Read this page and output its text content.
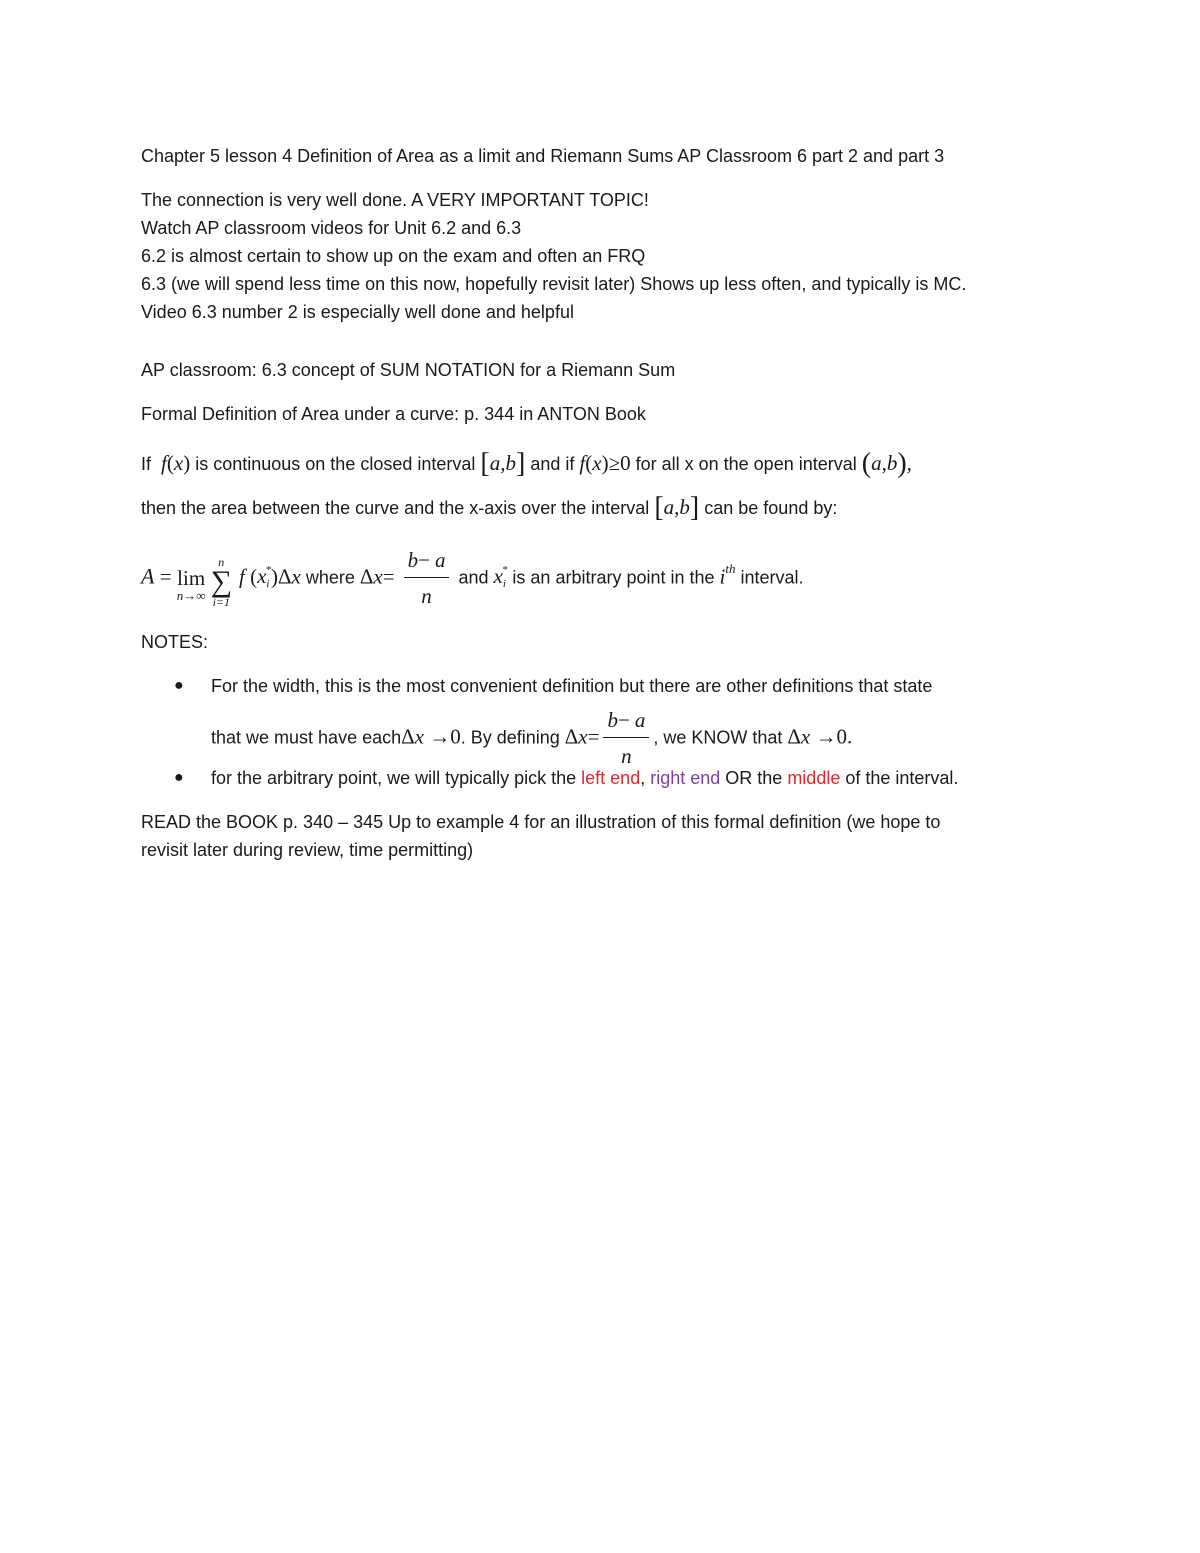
Chapter 5 lesson 4 Definition of Area as a limit and Riemann Sums AP Classroom 6 part 2 and part 3
The connection is very well done. A VERY IMPORTANT TOPIC!
Watch AP classroom videos for Unit 6.2 and 6.3
6.2 is almost certain to show up on the exam and often an FRQ
6.3 (we will spend less time on this now, hopefully revisit later) Shows up less often, and typically is MC.
Video 6.3 number 2 is especially well done and helpful
AP classroom: 6.3 concept of SUM NOTATION for a Riemann Sum
Formal Definition of Area under a curve: p. 344 in ANTON Book
If f(x) is continuous on the closed interval [a,b] and if f(x)≥0 for all x on the open interval (a,b),
then the area between the curve and the x-axis over the interval [a,b] can be found by:
A = lim
n→∞

n
∑
i=1
f $(x_i^*)\Delta x$ where $\Delta x= \frac{b- a}{n}$ and $x_i^*$ is an arbitrary point in the $i^{th}$ interval.
NOTES:
● For the width, this is the most convenient definition but there are other definitions that state
that we must have eachΔx →0. By defining $\Delta x= \frac{b- a}{n}$ , we KNOW that Δx →0.
● for the arbitrary point, we will typically pick the left end, right end OR the middle of the interval.
READ the BOOK p. 340 – 345 Up to example 4 for an illustration of this formal definition (we hope to
revisit later during review, time permitting)
